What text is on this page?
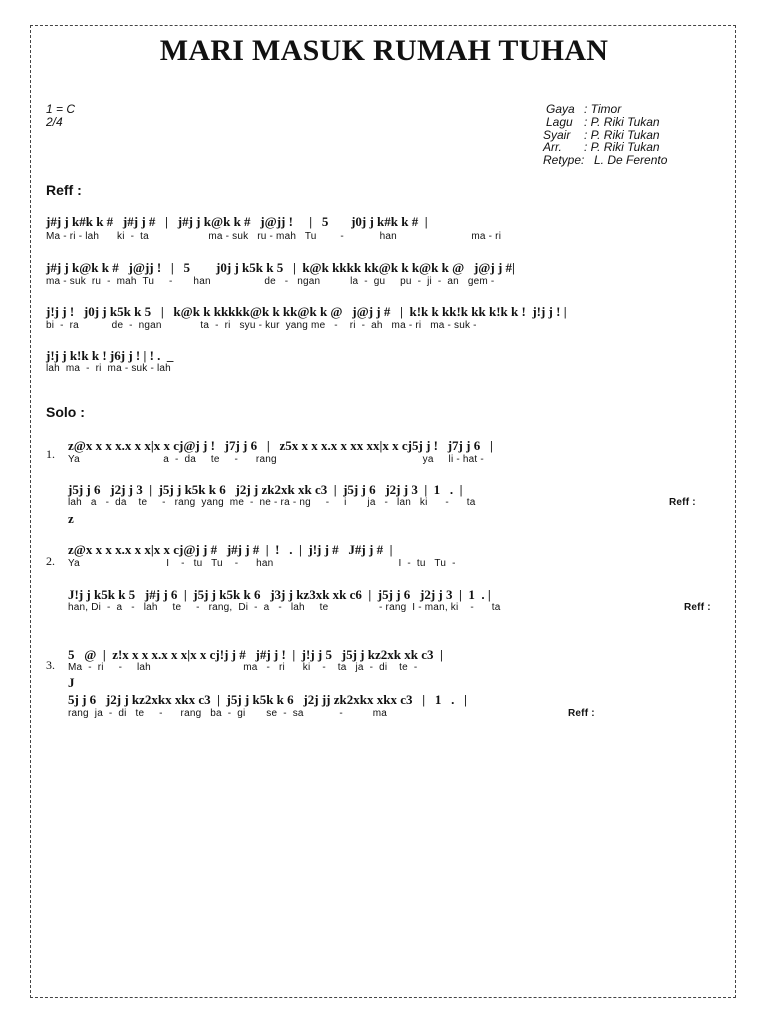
MARI MASUK RUMAH TUHAN
1 = C
2/4
Gaya : Timor
Lagu : P. Riki Tukan
Syair : P. Riki Tukan
Arr. : P. Riki Tukan
Retype: L. De Ferento
Reff :
j#j j k#k k #   j#j j #   |   j#j j k@k k #   j@jj !     |   5       j0j j k#k k #  |
Ma - ri - lah      ki  -  ta                    ma - suk   ru - mah   Tu        -            han                         ma - ri
j#j j k@k k #   j@jj !   |   5        j0j j k5k k 5   |  k@k kkkk kk@k k k@k k @   j@j j #|
ma - suk  ru  -  mah  Tu     -       han                  de   -   ngan          la  -  gu     pu  -  ji  -  an   gem -
j!j j !   j0j j k5k k 5   |   k@k k kkkkk@k k kk@k k @   j@j j #   |  k!k k kk!k kk k!k k !  j!j j ! |
bi  -  ra           de  -  ngan             ta  -  ri   syu - kur  yang me   -    ri  -  ah   ma - ri   ma - suk -
j!j j k!k k ! j6j j ! | ! .  _
lah  ma  -  ri  ma - suk - lah
Solo :
1.
z@x x x x.x x x|x x cj@j j !   j7j j 6   |   z5x x x x.x x xx xx|x x cj5j j !   j7j j 6   |
Ya                            a  -  da     te     -      rang                                                 ya     li - hat -
j5j j 6   j2j j 3  |  j5j j k5k k 6   j2j j zk2xk xk c3  |  j5j j 6   j2j j 3  |  1   .  |
lah   a   -  da    te     -   rang  yang  me  -  ne - ra - ng     -     i       ja   -   lan   ki      -      ta	Reff :
z
2.
z@x x x x.x x x|x x cj@j j #   j#j j #  |  !   .  |  j!j j #   J#j j #  |
Ya                             I    -   tu   Tu    -      han                                          I  -  tu   Tu  -
J!j j k5k k 5   j#j j 6  |  j5j j k5k k 6   j3j j kz3xk xk c6  |  j5j j 6   j2j j 3  |  1  . |
han, Di  -  a   -   lah     te     -   rang,  Di  -  a   -   lah     te                 - rang  I - man, ki    -      ta	Reff :
3.
5   @  |  z!x x x x.x x x|x x cj!j j #   j#j j !  |  j!j j 5   j5j j kz2xk xk c3  |
Ma  -  ri     -     lah                               ma   -   ri      ki    -    ta   ja  -  di    te  -
J
5j j 6   j2j j kz2xkx xkx c3  |  j5j j k5k k 6   j2j jj zk2xkx xkx c3   |   1   .   |
rang  ja  -  di   te     -      rang   ba  -  gi       se  -  sa            -          ma	Reff :
